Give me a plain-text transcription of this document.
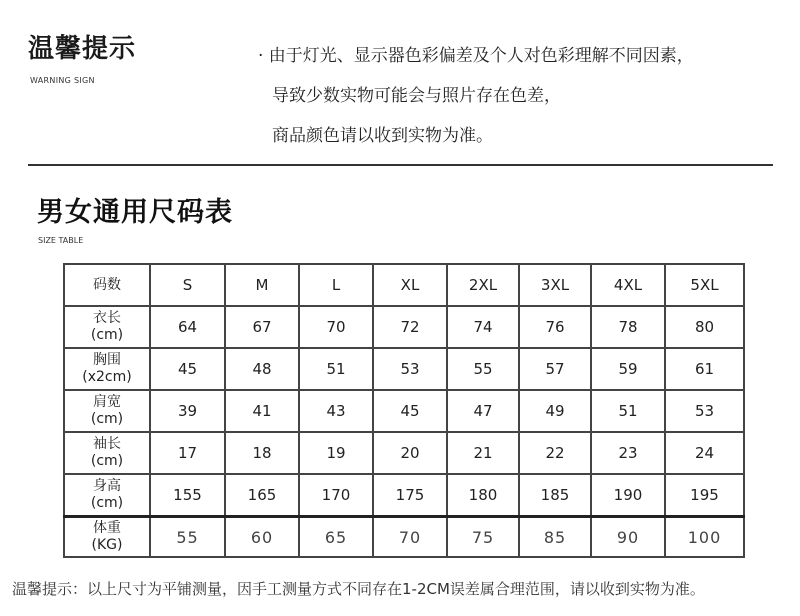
温馨提示
WARNING SIGN
· 由于灯光、显示器色彩偏差及个人对色彩理解不同因素，
导致少数实物可能会与照片存在色差，
商品颜色请以收到实物为准。
男女通用尺码表
SIZE TABLE
码数	S	M	L	XL	2XL	3XL	4XL	5XL
衣长
(cm)	64	67	70	72	74	76	78	80
胸围
(x2cm)	45	48	51	53	55	57	59	61
肩宽
(cm)	39	41	43	45	47	49	51	53
袖长
(cm)	17	18	19	20	21	22	23	24
身高
(cm)	155	165	170	175	180	185	190	195
体重
(KG)	55	60	65	70	75	85	90	100
温馨提示：以上尺寸为平铺测量，因手工测量方式不同存在1-2CM误差属合理范围，请以收到实物为准。
